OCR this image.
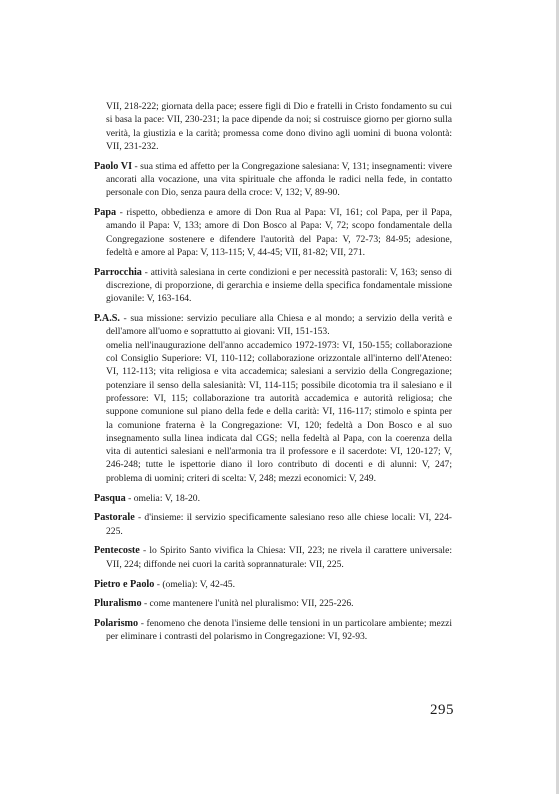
VII, 218-222; giornata della pace; essere figli di Dio e fratelli in Cristo fondamento su cui si basa la pace: VII, 230-231; la pace dipende da noi; si costruisce giorno per giorno sulla verità, la giustizia e la carità; promessa come dono divino agli uomini di buona volontà: VII, 231-232.
Paolo VI - sua stima ed affetto per la Congregazione salesiana: V, 131; insegnamenti: vivere ancorati alla vocazione, una vita spirituale che affonda le radici nella fede, in contatto personale con Dio, senza paura della croce: V, 132; V, 89-90.
Papa - rispetto, obbedienza e amore di Don Rua al Papa: VI, 161; col Papa, per il Papa, amando il Papa: V, 133; amore di Don Bosco al Papa: V, 72; scopo fondamentale della Congregazione sostenere e difendere l'autorità del Papa: V, 72-73; 84-95; adesione, fedeltà e amore al Papa: V, 113-115; V, 44-45; VII, 81-82; VII, 271.
Parrocchia - attività salesiana in certe condizioni e per necessità pastorali: V, 163; senso di discrezione, di proporzione, di gerarchia e insieme della specifica fondamentale missione giovanile: V, 163-164.
P.A.S. - sua missione: servizio peculiare alla Chiesa e al mondo; a servizio della verità e dell'amore all'uomo e soprattutto ai giovani: VII, 151-153.
omelia nell'inaugurazione dell'anno accademico 1972-1973: VI, 150-155; collaborazione col Consiglio Superiore: VI, 110-112; collaborazione orizzontale all'interno dell'Ateneo: VI, 112-113; vita religiosa e vita accademica; salesiani a servizio della Congregazione; potenziare il senso della salesianità: VI, 114-115; possibile dicotomia tra il salesiano e il professore: VI, 115; collaborazione tra autorità accademica e autorità religiosa; che suppone comunione sul piano della fede e della carità: VI, 116-117; stimolo e spinta per la comunione fraterna è la Congregazione: VI, 120; fedeltà a Don Bosco e al suo insegnamento sulla linea indicata dal CGS; nella fedeltà al Papa, con la coerenza della vita di autentici salesiani e nell'armonia tra il professore e il sacerdote: VI, 120-127; V, 246-248; tutte le ispettorie diano il loro contributo di docenti e di alunni: V, 247; problema di uomini; criteri di scelta: V, 248; mezzi economici: V, 249.
Pasqua - omelia: V, 18-20.
Pastorale - d'insieme: il servizio specificamente salesiano reso alle chiese locali: VI, 224-225.
Pentecoste - lo Spirito Santo vivifica la Chiesa: VII, 223; ne rivela il carattere universale: VII, 224; diffonde nei cuori la carità soprannaturale: VII, 225.
Pietro e Paolo - (omelia): V, 42-45.
Pluralismo - come mantenere l'unità nel pluralismo: VII, 225-226.
Polarismo - fenomeno che denota l'insieme delle tensioni in un particolare ambiente; mezzi per eliminare i contrasti del polarismo in Congregazione: VI, 92-93.
295
